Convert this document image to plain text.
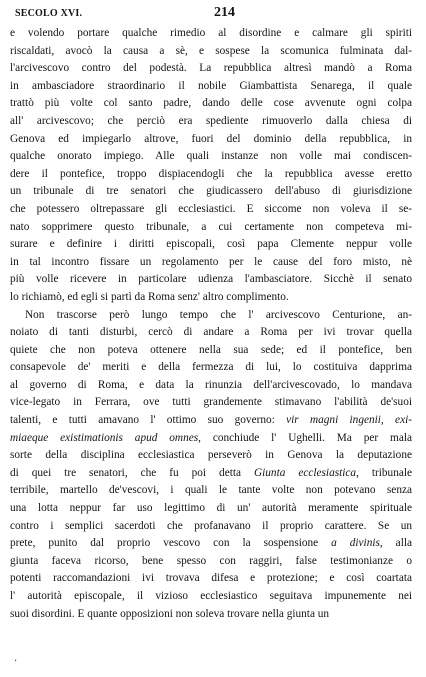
SECOLO XVI.	214
e volendo portare qualche rimedio al disordine e calmare gli spiriti
riscaldati, avocò la causa a sè, e sospese la scomunica fulminata dal-
l'arcivescovo contro del podestà. La repubblica altresì mandò a Roma
in ambasciadore straordinario il nobile Giambattista Senarega, il quale
trattò più volte col santo padre, dando delle cose avvenute ogni colpa
all' arcivescovo; che perciò era spediente rimuoverlo dalla chiesa di
Genova ed impiegarlo altrove, fuori del dominio della repubblica, in
qualche onorato impiego. Alle quali instanze non volle mai condiscen-
dere il pontefice, troppo dispiacendogli che la repubblica avesse eretto
un tribunale di tre senatori che giudicassero dell'abuso di giurisdizione
che potessero oltrepassare gli ecclesiastici. E siccome non voleva il se-
nato sopprimere questo tribunale, a cui certamente non competeva mi-
surare e definire i diritti episcopali, così papa Clemente neppur volle
in tal incontro fissare un regolamento per le cause del foro misto, nè
più volle ricevere in particolare udienza l'ambasciatore. Sicchè il senato
lo richiamò, ed egli si partì da Roma senz' altro complimento.
Non trascorse però lungo tempo che l' arcivescovo Centurione, an-
noiato di tanti disturbi, cercò di andare a Roma per ivi trovar quella
quiete che non poteva ottenere nella sua sede; ed il pontefice, ben
consapevole de' meriti e della fermezza di lui, lo costituiva dapprima
al governo di Roma, e data la rinunzia dell'arcivescovado, lo mandava
vice-legato in Ferrara, ove tutti grandemente stimavano l'abilità de'suoi
talenti, e tutti amavano l' ottimo suo governo: vir magni ingenii, exi-
miaeque existimationis apud omnes, conchiude l' Ughelli. Ma per mala
sorte della disciplina ecclesiastica perseverò in Genova la deputazione
di quei tre senatori, che fu poi detta Giunta ecclesiastica, tribunale
terribile, martello de'vescovi, i quali le tante volte non potevano senza
una lotta neppur far uso legittimo di un' autorità meramente spirituale
contro i semplici sacerdoti che profanavano il proprio carattere. Se un
prete, punito dal proprio vescovo con la sospensione a divinis, alla
giunta faceva ricorso, bene spesso con raggiri, false testimonianze o
potenti raccomandazioni ivi trovava difesa e protezione; e così coartata
l' autorità episcopale, il vizioso ecclesiastico seguitava impunemente nei
suoi disordini. E quante opposizioni non soleva trovare nella giunta un
·
